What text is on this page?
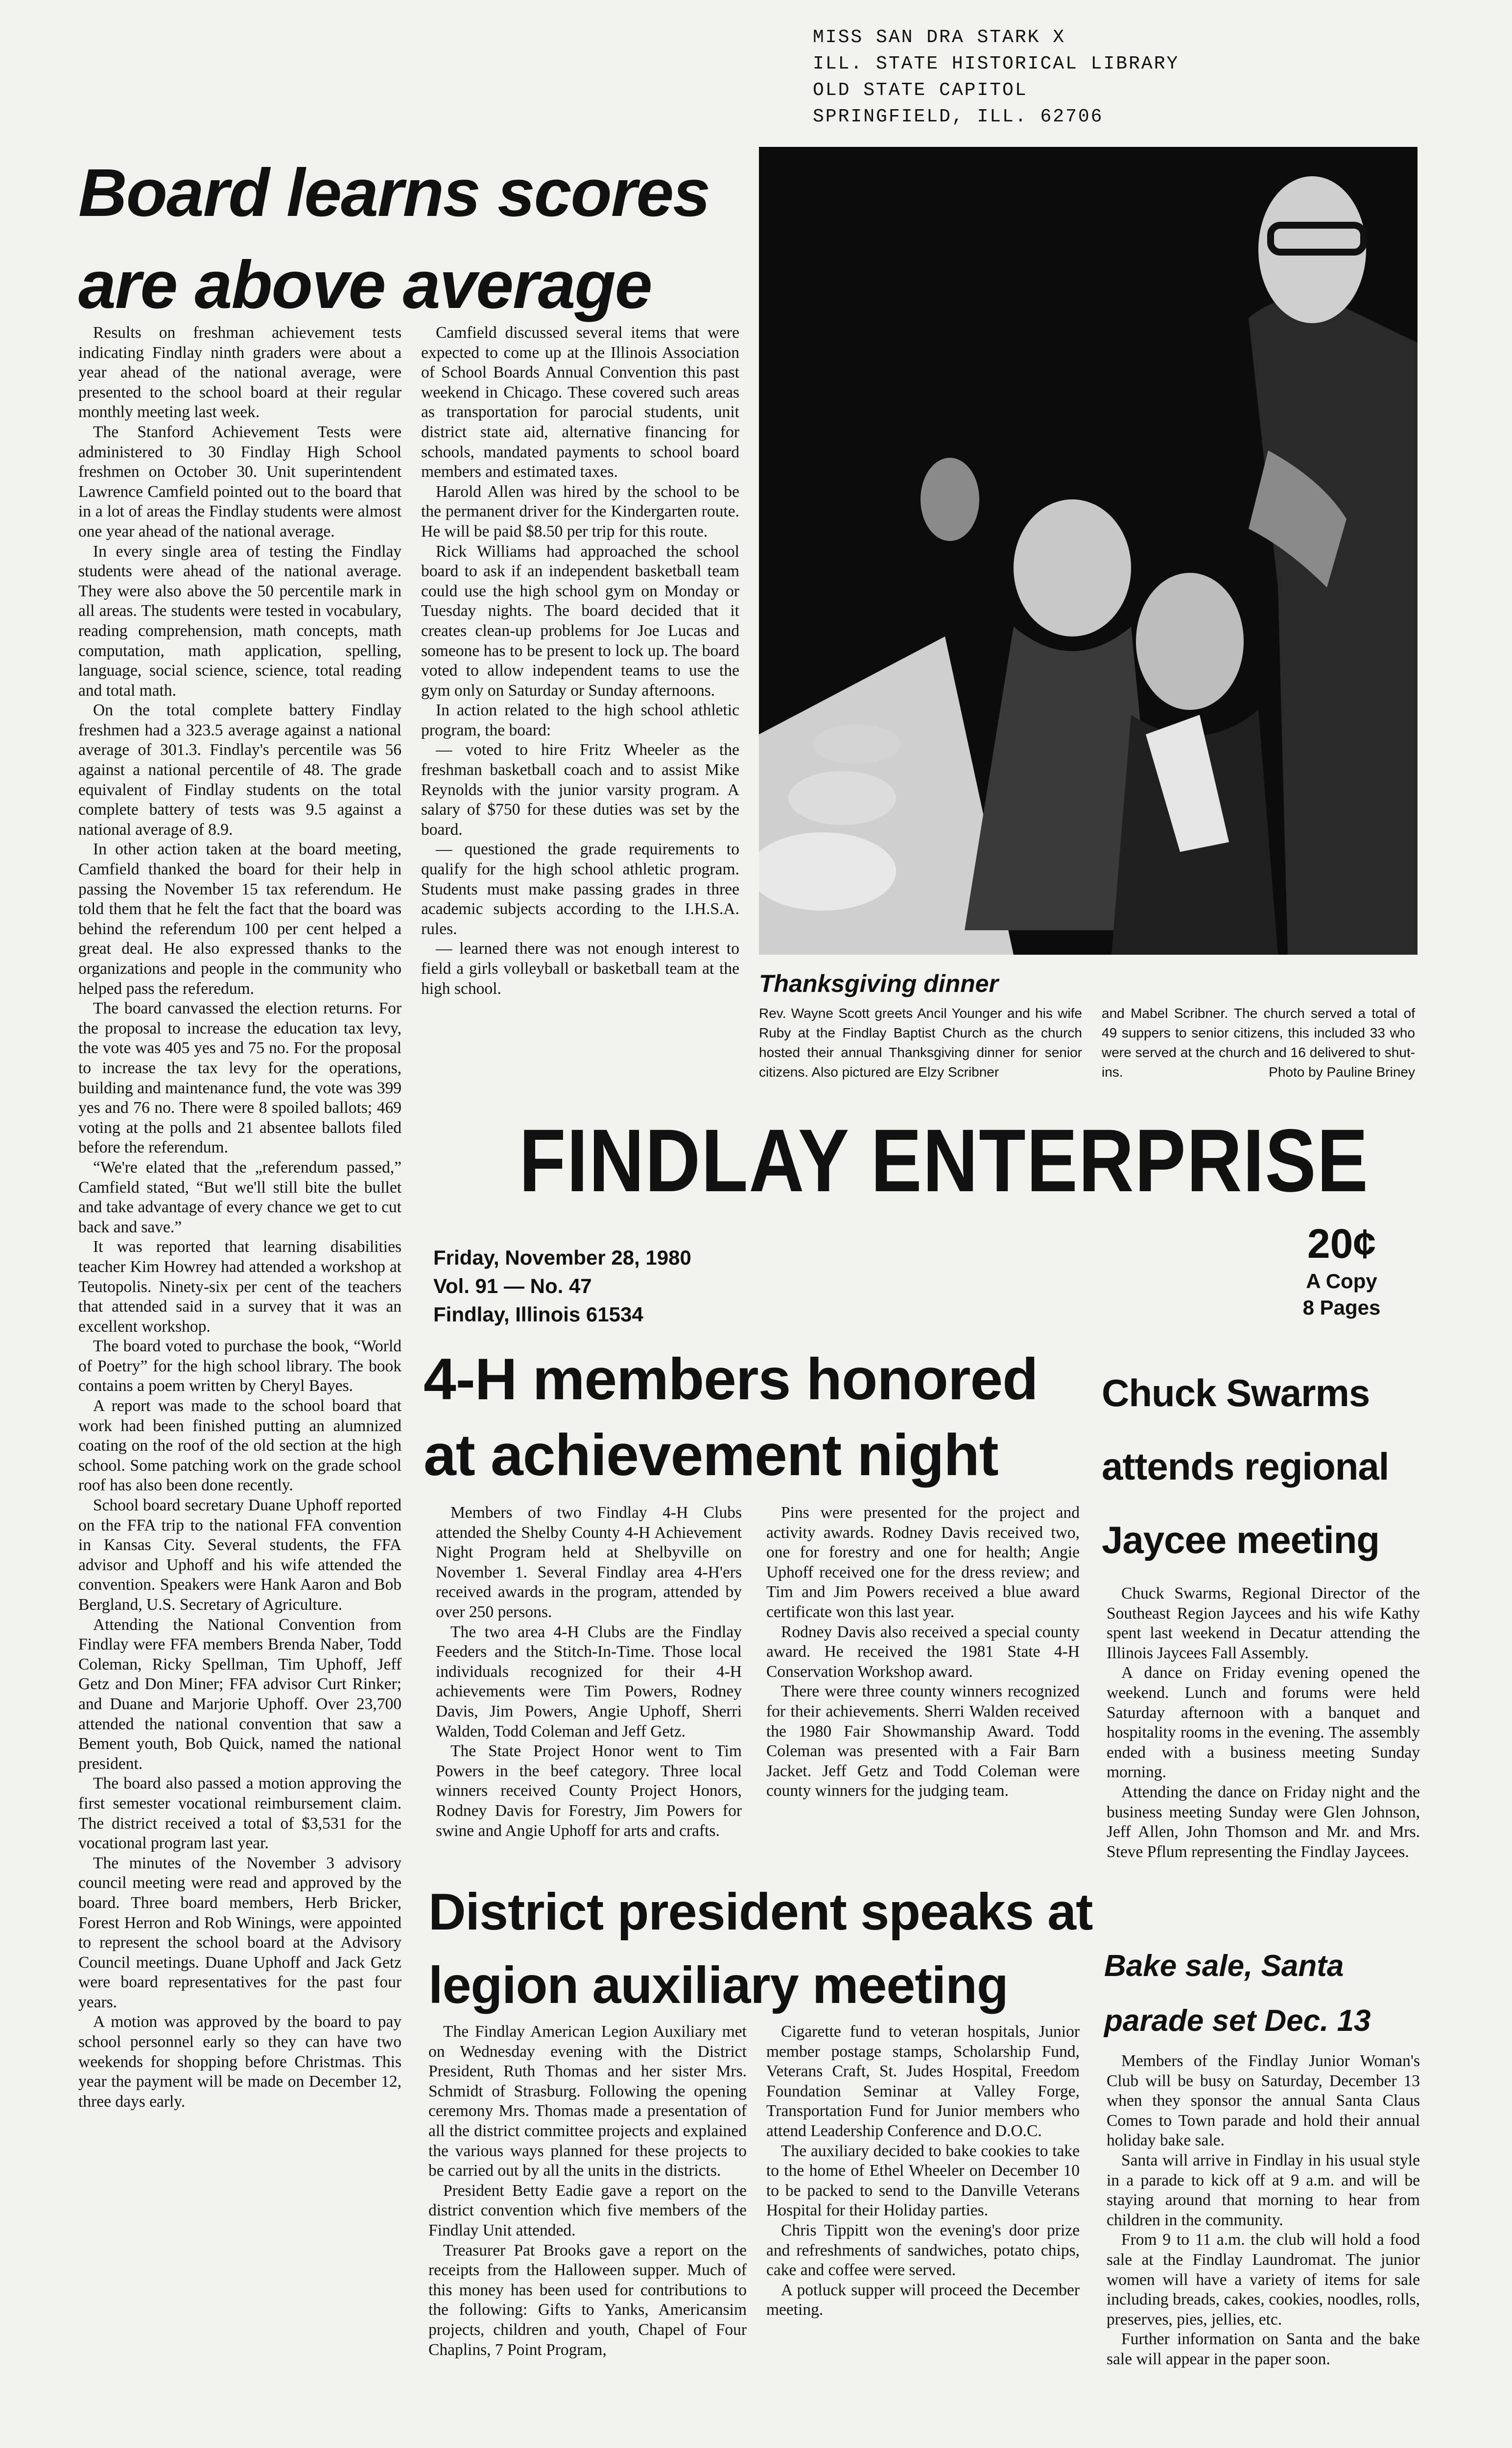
MISS SAN DRA STARK X
ILL. STATE HISTORICAL LIBRARY
OLD STATE CAPITOL
SPRINGFIELD, ILL. 62706
Board learns scores are above average

Results on freshman achievement tests indicating Findlay ninth graders were about a year ahead of the national average, were presented to the school board at their regular monthly meeting last week.

The Stanford Achievement Tests were administered to 30 Findlay High School freshmen on October 30. Unit superintendent Lawrence Camfield pointed out to the board that in a lot of areas the Findlay students were almost one year ahead of the national average.

In every single area of testing the Findlay students were ahead of the national average. They were also above the 50 percentile mark in all areas. The students were tested in vocabulary, reading comprehension, math concepts, math computation, math application, spelling, language, social science, science, total reading and total math.

On the total complete battery Findlay freshmen had a 323.5 average against a national average of 301.3. Findlay's percentile was 56 against a national percentile of 48. The grade equivalent of Findlay students on the total complete battery of tests was 9.5 against a national average of 8.9.

In other action taken at the board meeting, Camfield thanked the board for their help in passing the November 15 tax referendum. He told them that he felt the fact that the board was behind the referendum 100 per cent helped a great deal. He also expressed thanks to the organizations and people in the community who helped pass the referedum.

The board canvassed the election returns. For the proposal to increase the education tax levy, the vote was 405 yes and 75 no. For the proposal to increase the tax levy for the operations, building and maintenance fund, the vote was 399 yes and 76 no. There were 8 spoiled ballots; 469 voting at the polls and 21 absentee ballots filed before the referendum.

“We're elated that the „referendum passed,” Camfield stated, “But we'll still bite the bullet and take advantage of every chance we get to cut back and save.”

It was reported that learning disabilities teacher Kim Howrey had attended a workshop at Teutopolis. Ninety-six per cent of the teachers that attended said in a survey that it was an excellent workshop.

The board voted to purchase the book, “World of Poetry” for the high school library. The book contains a poem written by Cheryl Bayes.

A report was made to the school board that work had been finished putting an alumnized coating on the roof of the old section at the high school. Some patching work on the grade school roof has also been done recently.

School board secretary Duane Uphoff reported on the FFA trip to the national FFA convention in Kansas City. Several students, the FFA advisor and Uphoff and his wife attended the convention. Speakers were Hank Aaron and Bob Bergland, U.S. Secretary of Agriculture.

Attending the National Convention from Findlay were FFA members Brenda Naber, Todd Coleman, Ricky Spellman, Tim Uphoff, Jeff Getz and Don Miner; FFA advisor Curt Rinker; and Duane and Marjorie Uphoff. Over 23,700 attended the national convention that saw a Bement youth, Bob Quick, named the national president.

The board also passed a motion approving the first semester vocational reimbursement claim. The district received a total of $3,531 for the vocational program last year.

The minutes of the November 3 advisory council meeting were read and approved by the board. Three board members, Herb Bricker, Forest Herron and Rob Winings, were appointed to represent the school board at the Advisory Council meetings. Duane Uphoff and Jack Getz were board representatives for the past four years.

A motion was approved by the board to pay school personnel early so they can have two weekends for shopping before Christmas. This year the payment will be made on December 12, three days early.

Camfield discussed several items that were expected to come up at the Illinois Association of School Boards Annual Convention this past weekend in Chicago. These covered such areas as transportation for parocial students, unit district state aid, alternative financing for schools, mandated payments to school board members and estimated taxes.

Harold Allen was hired by the school to be the permanent driver for the Kindergarten route. He will be paid $8.50 per trip for this route.

Rick Williams had approached the school board to ask if an independent basketball team could use the high school gym on Monday or Tuesday nights. The board decided that it creates clean-up problems for Joe Lucas and someone has to be present to lock up. The board voted to allow independent teams to use the gym only on Saturday or Sunday afternoons.

In action related to the high school athletic program, the board:

— voted to hire Fritz Wheeler as the freshman basketball coach and to assist Mike Reynolds with the junior varsity program. A salary of $750 for these duties was set by the board.

— questioned the grade requirements to qualify for the high school athletic program. Students must make passing grades in three academic subjects according to the I.H.S.A. rules.

— learned there was not enough interest to field a girls volleyball or basketball team at the high school.	Thanksgiving dinner
Rev. Wayne Scott greets Ancil Younger and his wife Ruby at the Findlay Baptist Church as the church hosted their annual Thanksgiving dinner for senior citizens. Also pictured are Elzy Scribner
and Mabel Scribner. The church served a total of 49 suppers to senior citizens, this included 33 who were served at the church and 16 delivered to shut-ins.	Photo by Pauline Briney
FINDLAY ENTERPRISE
Friday, November 28, 1980
Vol. 91 — No. 47
Findlay, Illinois 61534
20¢
A Copy
8 Pages
4-H members honored
at achievement night

Members of two Findlay 4-H Clubs attended the Shelby County 4-H Achievement Night Program held at Shelbyville on November 1. Several Findlay area 4-H'ers received awards in the program, attended by over 250 persons.

The two area 4-H Clubs are the Findlay Feeders and the Stitch-In-Time. Those local individuals recognized for their 4-H achievements were Tim Powers, Rodney Davis, Jim Powers, Angie Uphoff, Sherri Walden, Todd Coleman and Jeff Getz.

The State Project Honor went to Tim Powers in the beef category. Three local winners received County Project Honors, Rodney Davis for Forestry, Jim Powers for swine and Angie Uphoff for arts and crafts.

Pins were presented for the project and activity awards. Rodney Davis received two, one for forestry and one for health; Angie Uphoff received one for the dress review; and Tim and Jim Powers received a blue award certificate won this last year.

Rodney Davis also received a special county award. He received the 1981 State 4-H Conservation Workshop award.

There were three county winners recognized for their achievements. Sherri Walden received the 1980 Fair Showmanship Award. Todd Coleman was presented with a Fair Barn Jacket. Jeff Getz and Todd Coleman were county winners for the judging team.

Chuck Swarms
attends regional
Jaycee meeting

Chuck Swarms, Regional Director of the Southeast Region Jaycees and his wife Kathy spent last weekend in Decatur attending the Illinois Jaycees Fall Assembly.

A dance on Friday evening opened the weekend. Lunch and forums were held Saturday afternoon with a banquet and hospitality rooms in the evening. The assembly ended with a business meeting Sunday morning.

Attending the dance on Friday night and the business meeting Sunday were Glen Johnson, Jeff Allen, John Thomson and Mr. and Mrs. Steve Pflum representing the Findlay Jaycees.

District president speaks at
legion auxiliary meeting

The Findlay American Legion Auxiliary met on Wednesday evening with the District President, Ruth Thomas and her sister Mrs. Schmidt of Strasburg. Following the opening ceremony Mrs. Thomas made a presentation of all the district committee projects and explained the various ways planned for these projects to be carried out by all the units in the districts.

President Betty Eadie gave a report on the district convention which five members of the Findlay Unit attended.

Treasurer Pat Brooks gave a report on the receipts from the Halloween supper. Much of this money has been used for contributions to the following: Gifts to Yanks, Americansim projects, children and youth, Chapel of Four Chaplins, 7 Point Program,

Cigarette fund to veteran hospitals, Junior member postage stamps, Scholarship Fund, Veterans Craft, St. Judes Hospital, Freedom Foundation Seminar at Valley Forge, Transportation Fund for Junior members who attend Leadership Conference and D.O.C.

The auxiliary decided to bake cookies to take to the home of Ethel Wheeler on December 10 to be packed to send to the Danville Veterans Hospital for their Holiday parties.

Chris Tippitt won the evening's door prize and refreshments of sandwiches, potato chips, cake and coffee were served.

A potluck supper will proceed the December meeting.

Bake sale, Santa
parade set Dec. 13

Members of the Findlay Junior Woman's Club will be busy on Saturday, December 13 when they sponsor the annual Santa Claus Comes to Town parade and hold their annual holiday bake sale.

Santa will arrive in Findlay in his usual style in a parade to kick off at 9 a.m. and will be staying around that morning to hear from children in the community.

From 9 to 11 a.m. the club will hold a food sale at the Findlay Laundromat. The junior women will have a variety of items for sale including breads, cakes, cookies, noodles, rolls, preserves, pies, jellies, etc.

Further information on Santa and the bake sale will appear in the paper soon.
